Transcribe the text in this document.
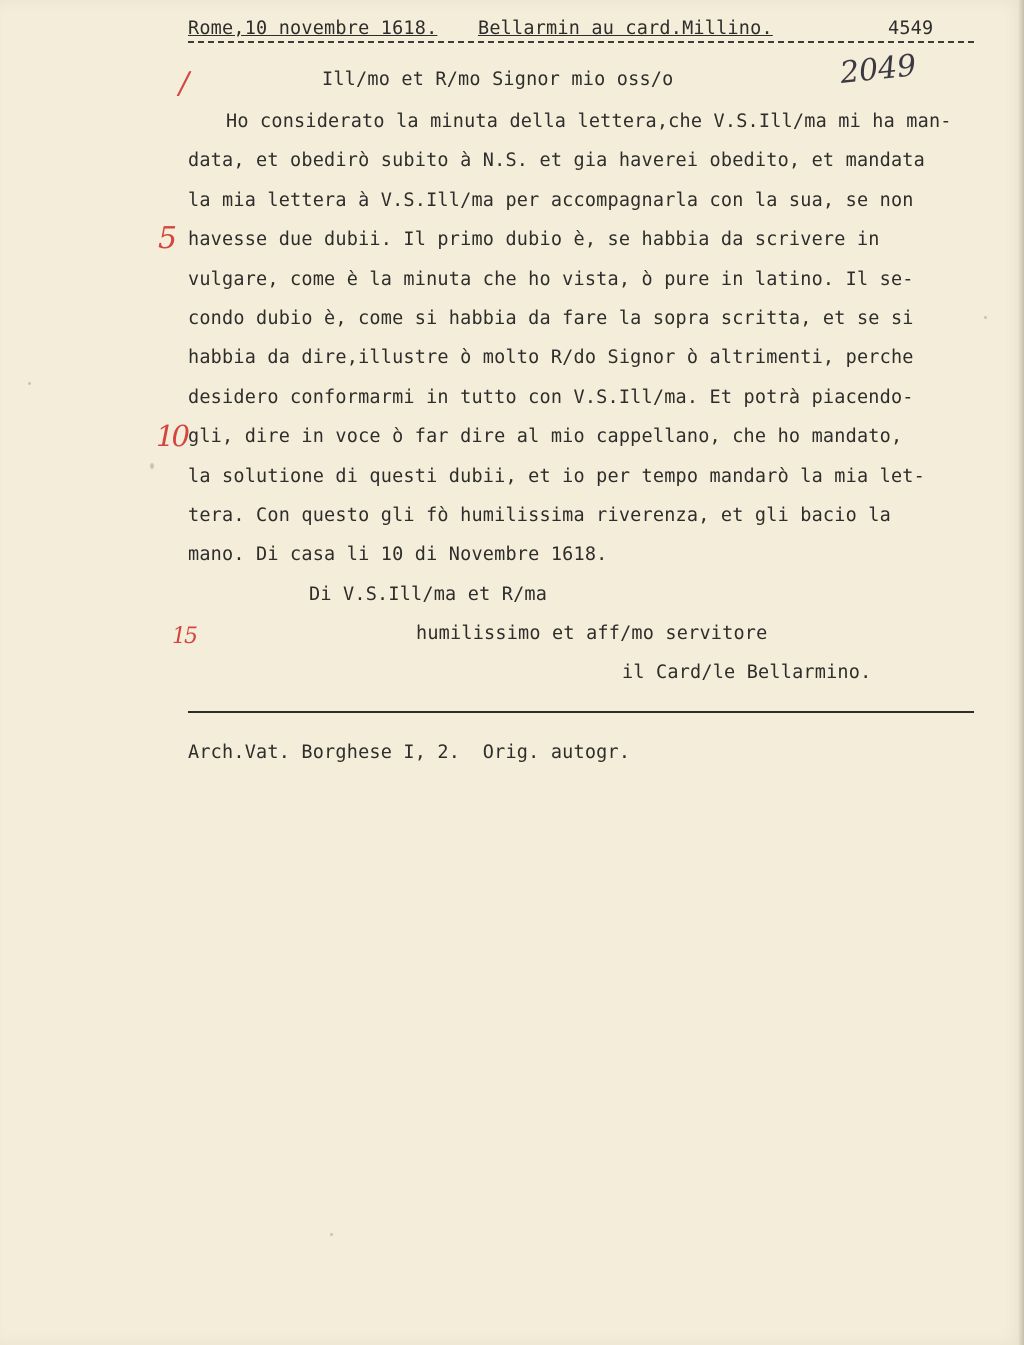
Rome,10 novembre 1618.

Bellarmin au card.Millino.

	4549

2049
/
5
10
15
Ill/mo et R/mo Signor mio oss/o
Ho considerato la minuta della lettera,che V.S.Ill/ma mi ha man-
data, et obedirò subito à N.S. et gia haverei obedito, et mandata
la mia lettera à V.S.Ill/ma per accompagnarla con la sua, se non
havesse due dubii. Il primo dubio è, se habbia da scrivere in
vulgare, come è la minuta che ho vista, ò pure in latino. Il se-
condo dubio è, come si habbia da fare la sopra scritta, et se si
habbia da dire,illustre ò molto R/do Signor ò altrimenti, perche
desidero conformarmi in tutto con V.S.Ill/ma. Et potrà piacendo-
gli, dire in voce ò far dire al mio cappellano, che ho mandato,
la solutione di questi dubii, et io per tempo mandarò la mia let-
tera. Con questo gli fò humilissima riverenza, et gli bacio la
mano. Di casa li 10 di Novembre 1618.
Di V.S.Ill/ma et R/ma
humilissimo et aff/mo servitore
il Card/le Bellarmino.
Arch.Vat. Borghese I, 2.  Orig. autogr.
